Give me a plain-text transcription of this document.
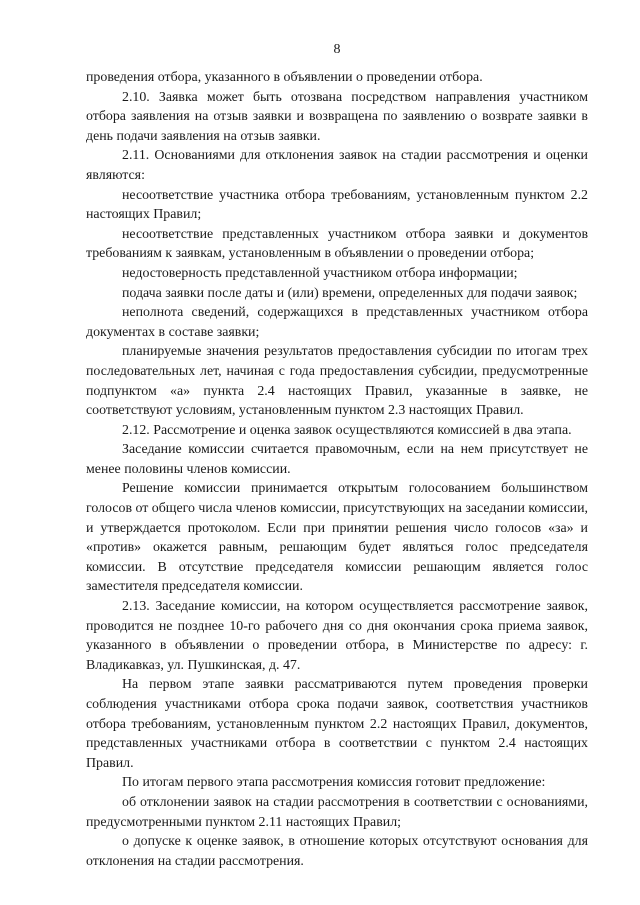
8

проведения отбора, указанного в объявлении о проведении отбора.

2.10. Заявка может быть отозвана посредством направления участником отбора заявления на отзыв заявки и возвращена по заявлению о возврате заявки в день подачи заявления на отзыв заявки.

2.11. Основаниями для отклонения заявок на стадии рассмотрения и оценки являются:

несоответствие участника отбора требованиям, установленным пунктом 2.2 настоящих Правил;

несоответствие представленных участником отбора заявки и документов требованиям к заявкам, установленным в объявлении о проведении отбора;

недостоверность представленной участником отбора информации;

подача заявки после даты и (или) времени, определенных для подачи заявок;

неполнота сведений, содержащихся в представленных участником отбора документах в составе заявки;

планируемые значения результатов предоставления субсидии по итогам трех последовательных лет, начиная с года предоставления субсидии, предусмотренные подпунктом «а» пункта 2.4 настоящих Правил, указанные в заявке, не соответствуют условиям, установленным пунктом 2.3 настоящих Правил.

2.12. Рассмотрение и оценка заявок осуществляются комиссией в два этапа.

Заседание комиссии считается правомочным, если на нем присутствует не менее половины членов комиссии.

Решение комиссии принимается открытым голосованием большинством голосов от общего числа членов комиссии, присутствующих на заседании комиссии, и утверждается протоколом. Если при принятии решения число голосов «за» и «против» окажется равным, решающим будет являться голос председателя комиссии. В отсутствие председателя комиссии решающим является голос заместителя председателя комиссии.

2.13. Заседание комиссии, на котором осуществляется рассмотрение заявок, проводится не позднее 10-го рабочего дня со дня окончания срока приема заявок, указанного в объявлении о проведении отбора, в Министерстве по адресу: г. Владикавказ, ул. Пушкинская, д. 47.

На первом этапе заявки рассматриваются путем проведения проверки соблюдения участниками отбора срока подачи заявок, соответствия участников отбора требованиям, установленным пунктом 2.2 настоящих Правил, документов, представленных участниками отбора в соответствии с пунктом 2.4 настоящих Правил.

По итогам первого этапа рассмотрения комиссия готовит предложение:

об отклонении заявок на стадии рассмотрения в соответствии с основаниями, предусмотренными пунктом 2.11 настоящих Правил;

о допуске к оценке заявок, в отношение которых отсутствуют основания для отклонения на стадии рассмотрения.
